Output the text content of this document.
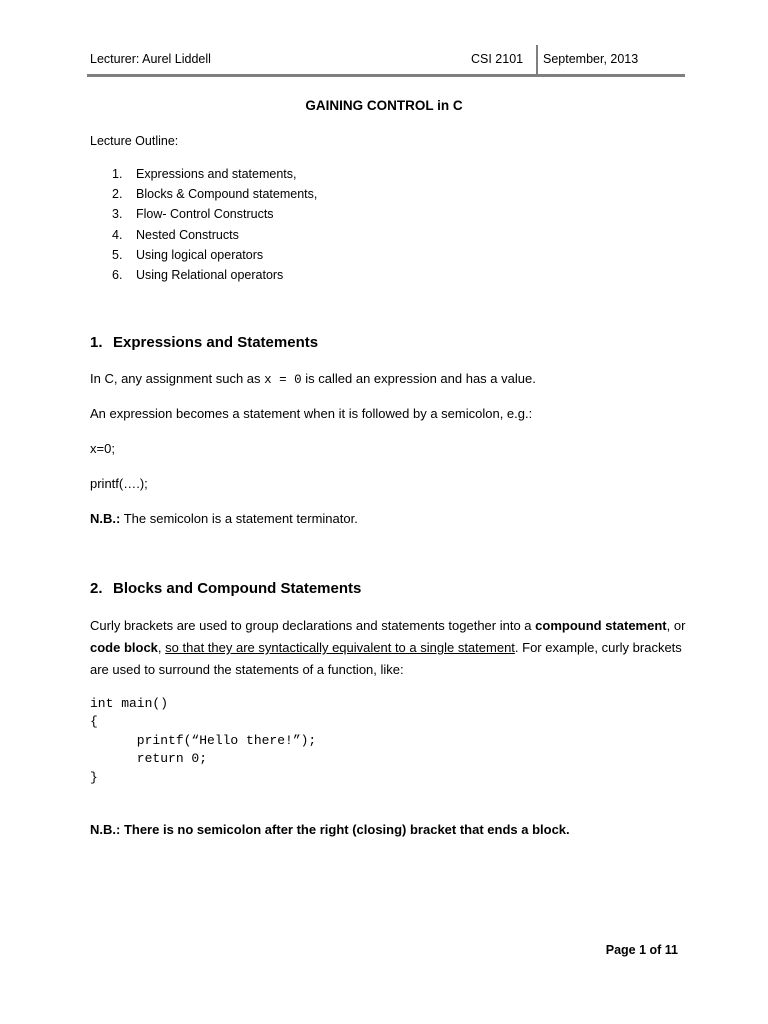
Lecturer: Aurel Liddell	CSI 2101 September, 2013
GAINING CONTROL in C
Lecture Outline:
1. Expressions and statements,
2. Blocks & Compound statements,
3. Flow- Control Constructs
4. Nested Constructs
5. Using logical operators
6. Using Relational operators
1. Expressions and Statements
In C, any assignment such as x = 0 is called an expression and has a value.
An expression becomes a statement when it is followed by a semicolon, e.g.:
x=0;
printf(….);
N.B.: The semicolon is a statement terminator.
2. Blocks and Compound Statements
Curly brackets are used to group declarations and statements together into a compound statement, or code block, so that they are syntactically equivalent to a single statement. For example, curly brackets are used to surround the statements of a function, like:
int main()
{
printf(“Hello there!”);
return 0;
}
N.B.: There is no semicolon after the right (closing) bracket that ends a block.
Page 1 of 11
